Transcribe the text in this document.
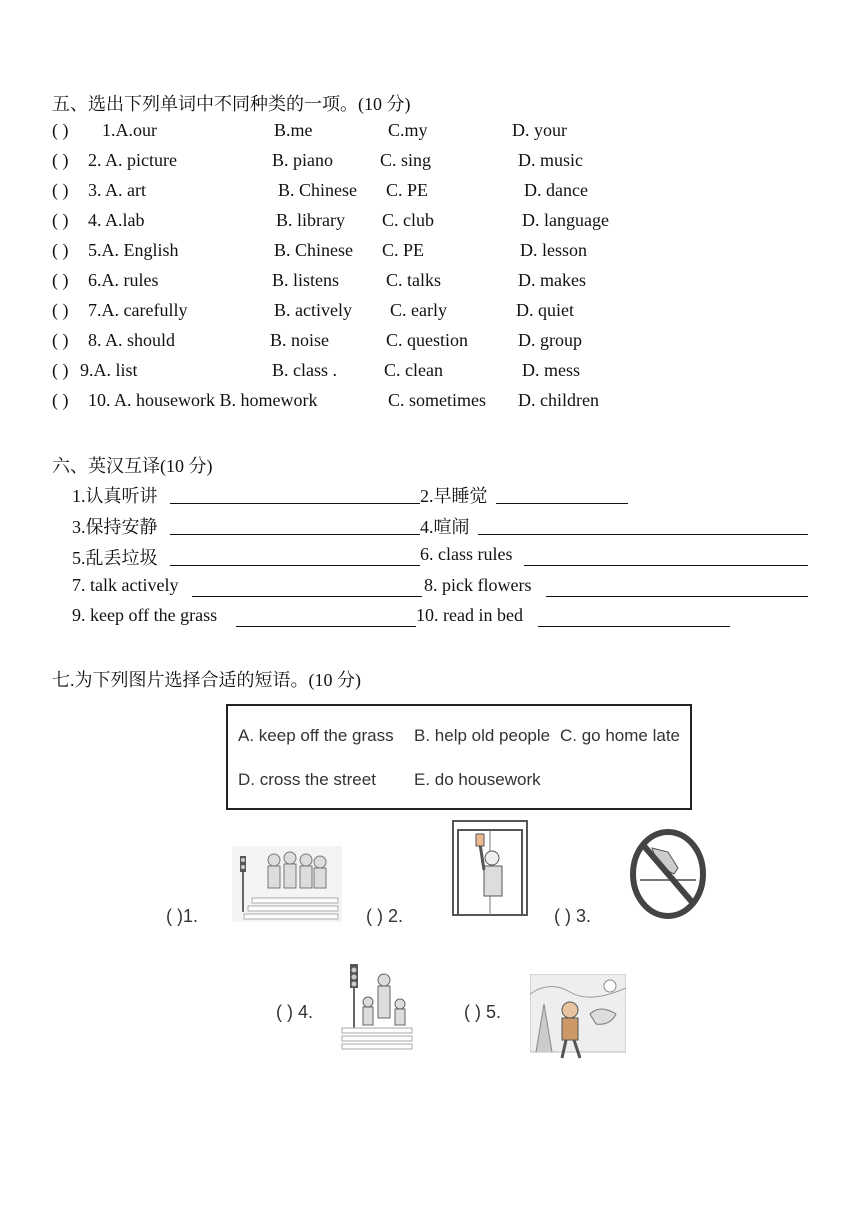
五、选出下列单词中不同种类的一项。(10 分)
( ) 1.A.our	B.me	C.my	D. your
( ) 2. A. picture	B. piano	C. sing	D. music
( ) 3. A. art	B. Chinese C. PE	D. dance
( ) 4. A.lab	B. library C. club	D. language
( ) 5.A. English	B. Chinese C. PE	D. lesson
( ) 6.A. rules	B. listens	C. talks	D. makes
( ) 7.A. carefully	B. actively C. early	D. quiet
( ) 8. A. should	B. noise	C. question	D. group
( ) 9.A. list	B. class .	C. clean	D. mess
( ) 10. A. housework B. homework	C. sometimes D. children
六、英汉互译(10 分)
1.认真听讲	2.早睡觉
3.保持安静	4.喧闹
5.乱丢垃圾	6. class rules
7. talk actively	8. pick flowers
9. keep off the grass	10. read in bed
七.为下列图片选择合适的短语。(10 分)
A. keep off the grass B. help old people C. go home late
D. cross the street E. do housework
( )1.	( ) 2.	( ) 3.
( ) 4.	( ) 5.
